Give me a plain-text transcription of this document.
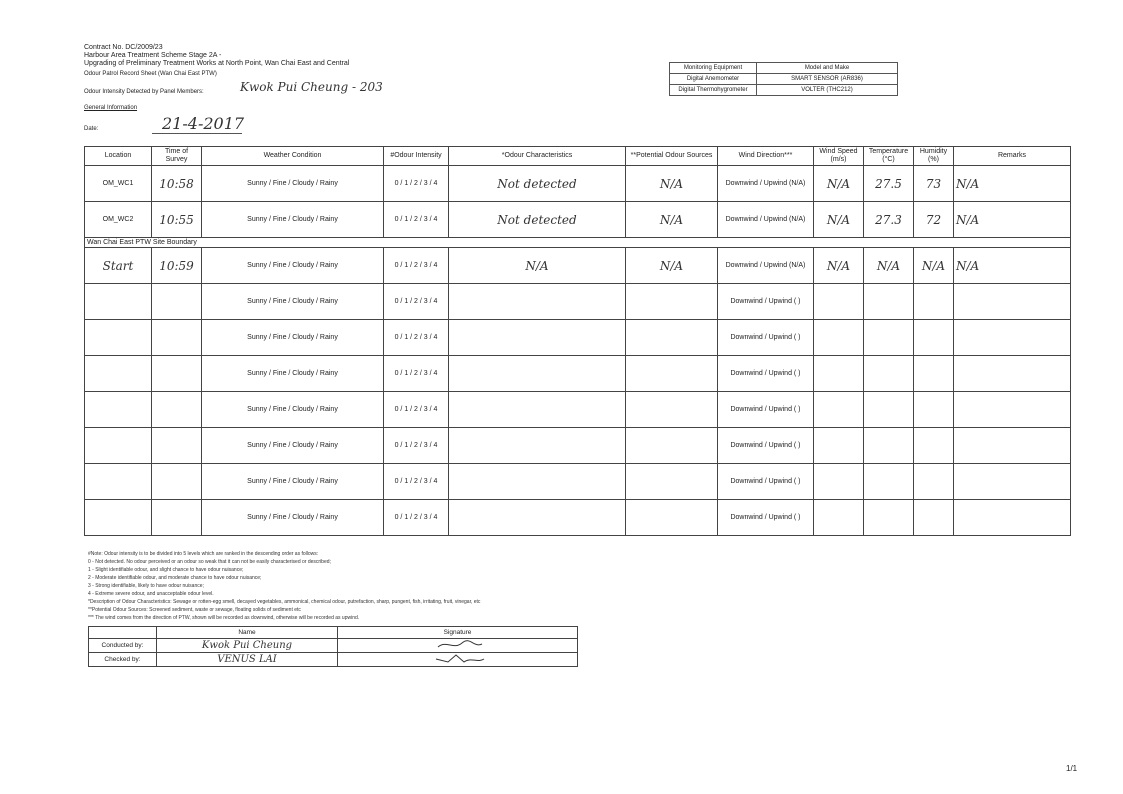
Contract No. DC/2009/23
Harbour Area Treatment Scheme Stage 2A -
Upgrading of Preliminary Treatment Works at North Point, Wan Chai East and Central
Odour Patrol Record Sheet (Wan Chai East PTW)
Odour Intensity Detected by Panel Members:	Kwok Pui Cheung - 203
General Information
Date:	21-4-2017
Monitoring Equipment	Model and Make
Digital Anemometer	SMART SENSOR (AR836)
Digital Thermohygrometer	VOLTER (THC212)
Location	Time of Survey	Weather Condition	#Odour Intensity	*Odour Characteristics	**Potential Odour Sources	Wind Direction***	Wind Speed (m/s)	Temperature (°C)	Humidity (%)	Remarks
OM_WC1	10:58	Sunny / Fine / Cloudy / Rainy	0 / 1 / 2 / 3 / 4	Not detected	N/A	Downwind / Upwind (N/A)	N/A	27.5	73	N/A
OM_WC2	10:55	Sunny / Fine / Cloudy / Rainy	0 / 1 / 2 / 3 / 4	Not detected	N/A	Downwind / Upwind (N/A)	N/A	27.3	72	N/A
Wan Chai East PTW Site Boundary										
Start	10:59	Sunny / Fine / Cloudy / Rainy	0 / 1 / 2 / 3 / 4	N/A	N/A	Downwind / Upwind (N/A)	N/A	N/A	N/A	N/A
		Sunny / Fine / Cloudy / Rainy	0 / 1 / 2 / 3 / 4			Downwind / Upwind ( )				
		Sunny / Fine / Cloudy / Rainy	0 / 1 / 2 / 3 / 4			Downwind / Upwind ( )				
		Sunny / Fine / Cloudy / Rainy	0 / 1 / 2 / 3 / 4			Downwind / Upwind ( )				
		Sunny / Fine / Cloudy / Rainy	0 / 1 / 2 / 3 / 4			Downwind / Upwind ( )				
		Sunny / Fine / Cloudy / Rainy	0 / 1 / 2 / 3 / 4			Downwind / Upwind ( )				
		Sunny / Fine / Cloudy / Rainy	0 / 1 / 2 / 3 / 4			Downwind / Upwind ( )				
		Sunny / Fine / Cloudy / Rainy	0 / 1 / 2 / 3 / 4			Downwind / Upwind ( )				
#Note: Odour intensity is to be divided into 5 levels which are ranked in the descending order as follows:
0 - Not detected. No odour perceived or an odour so weak that it can not be easily characterised or described;
1 - Slight identifiable odour, and slight chance to have odour nuisance;
2 - Moderate identifiable odour, and moderate chance to have odour nuisance;
3 - Strong identifiable, likely to have odour nuisance;
4 - Extreme severe odour, and unacceptable odour level.
*Description of Odour Characteristics: Sewage or rotten-egg smell, decayed vegetables, ammonical, chemical odour, putrefaction, sharp, pungent, fish, irritating, fruit, vinegar, etc
**Potential Odour Sources: Screened sediment, waste or sewage, floating solids of sediment etc
*** The wind comes from the direction of PTW, shown will be recorded as downwind, otherwise will be recorded as upwind.
	Name	Signature
Conducted by:	Kwok Pui Cheung	
Checked by:	VENUS LAI	
1/1
